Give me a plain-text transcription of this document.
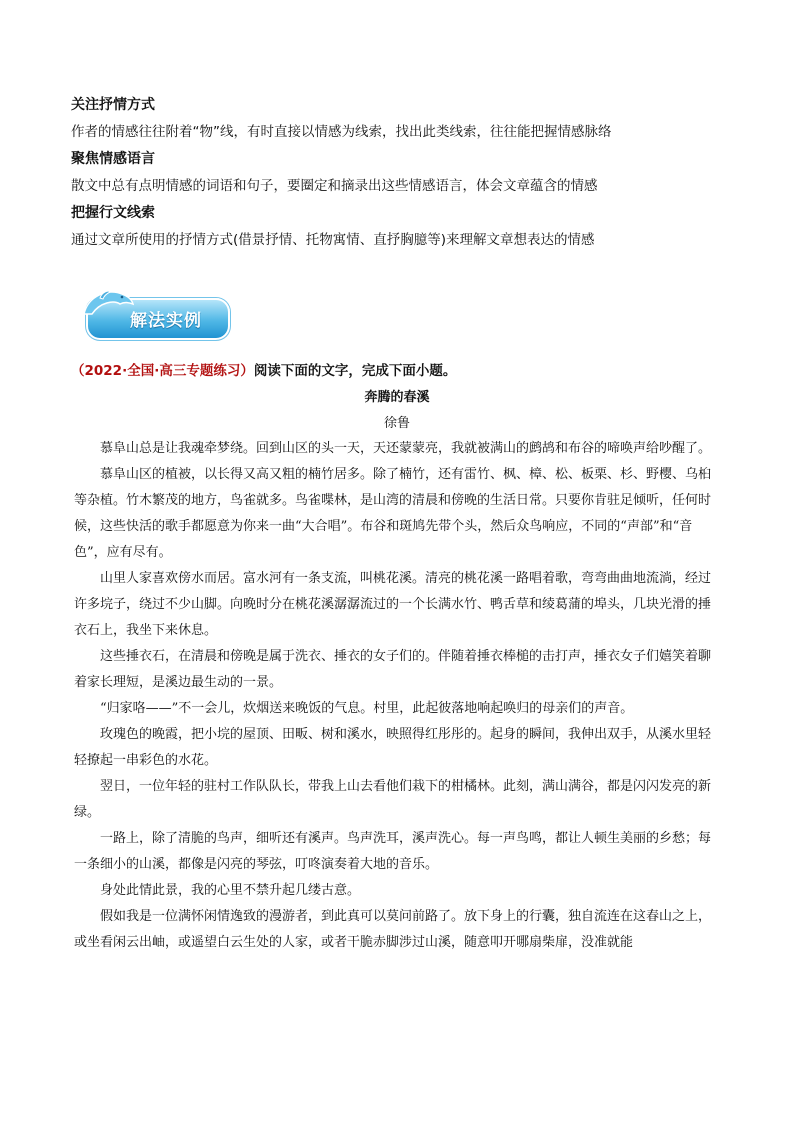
关注抒情方式
作者的情感往往附着“物”线，有时直接以情感为线索，找出此类线索，往往能把握情感脉络
聚焦情感语言
散文中总有点明情感的词语和句子，要圈定和摘录出这些情感语言，体会文章蕴含的情感
把握行文线索
通过文章所使用的抒情方式(借景抒情、托物寓情、直抒胸臆等)来理解文章想表达的情感
解法实例
（2022·全国·高三专题练习）阅读下面的文字，完成下面小题。
奔腾的春溪
徐鲁

慕阜山总是让我魂牵梦绕。回到山区的头一天，天还蒙蒙亮，我就被满山的鹧鸪和布谷的啼唤声给吵醒了。

慕阜山区的植被，以长得又高又粗的楠竹居多。除了楠竹，还有雷竹、枫、樟、松、板栗、杉、野樱、乌桕等杂植。竹木繁茂的地方，鸟雀就多。鸟雀喋林，是山湾的清晨和傍晚的生活日常。只要你肯驻足倾听，任何时候，这些快活的歌手都愿意为你来一曲“大合唱”。布谷和斑鸠先带个头，然后众鸟响应，不同的“声部”和“音色”，应有尽有。

山里人家喜欢傍水而居。富水河有一条支流，叫桃花溪。清亮的桃花溪一路唱着歌，弯弯曲曲地流淌，经过许多垸子，绕过不少山脚。向晚时分在桃花溪潺潺流过的一个长满水竹、鸭舌草和绫葛蒲的埠头，几块光滑的捶衣石上，我坐下来休息。

这些捶衣石，在清晨和傍晚是属于洗衣、捶衣的女子们的。伴随着捶衣棒槌的击打声，捶衣女子们嬉笑着聊着家长理短，是溪边最生动的一景。

“归家咯——”不一会儿，炊烟送来晚饭的气息。村里，此起彼落地响起唤归的母亲们的声音。

玫瑰色的晚霞，把小垸的屋顶、田畈、树和溪水，映照得红彤彤的。起身的瞬间，我伸出双手，从溪水里轻轻撩起一串彩色的水花。

翌日，一位年轻的驻村工作队队长，带我上山去看他们栽下的柑橘林。此刻，满山满谷，都是闪闪发亮的新绿。

一路上，除了清脆的鸟声，细听还有溪声。鸟声洗耳，溪声洗心。每一声鸟鸣，都让人顿生美丽的乡愁；每一条细小的山溪，都像是闪亮的琴弦，叮咚演奏着大地的音乐。

身处此情此景，我的心里不禁升起几缕古意。

假如我是一位满怀闲情逸致的漫游者，到此真可以莫问前路了。放下身上的行囊，独自流连在这春山之上，或坐看闲云出岫，或遥望白云生处的人家，或者干脆赤脚涉过山溪，随意叩开哪扇柴扉，没准就能
